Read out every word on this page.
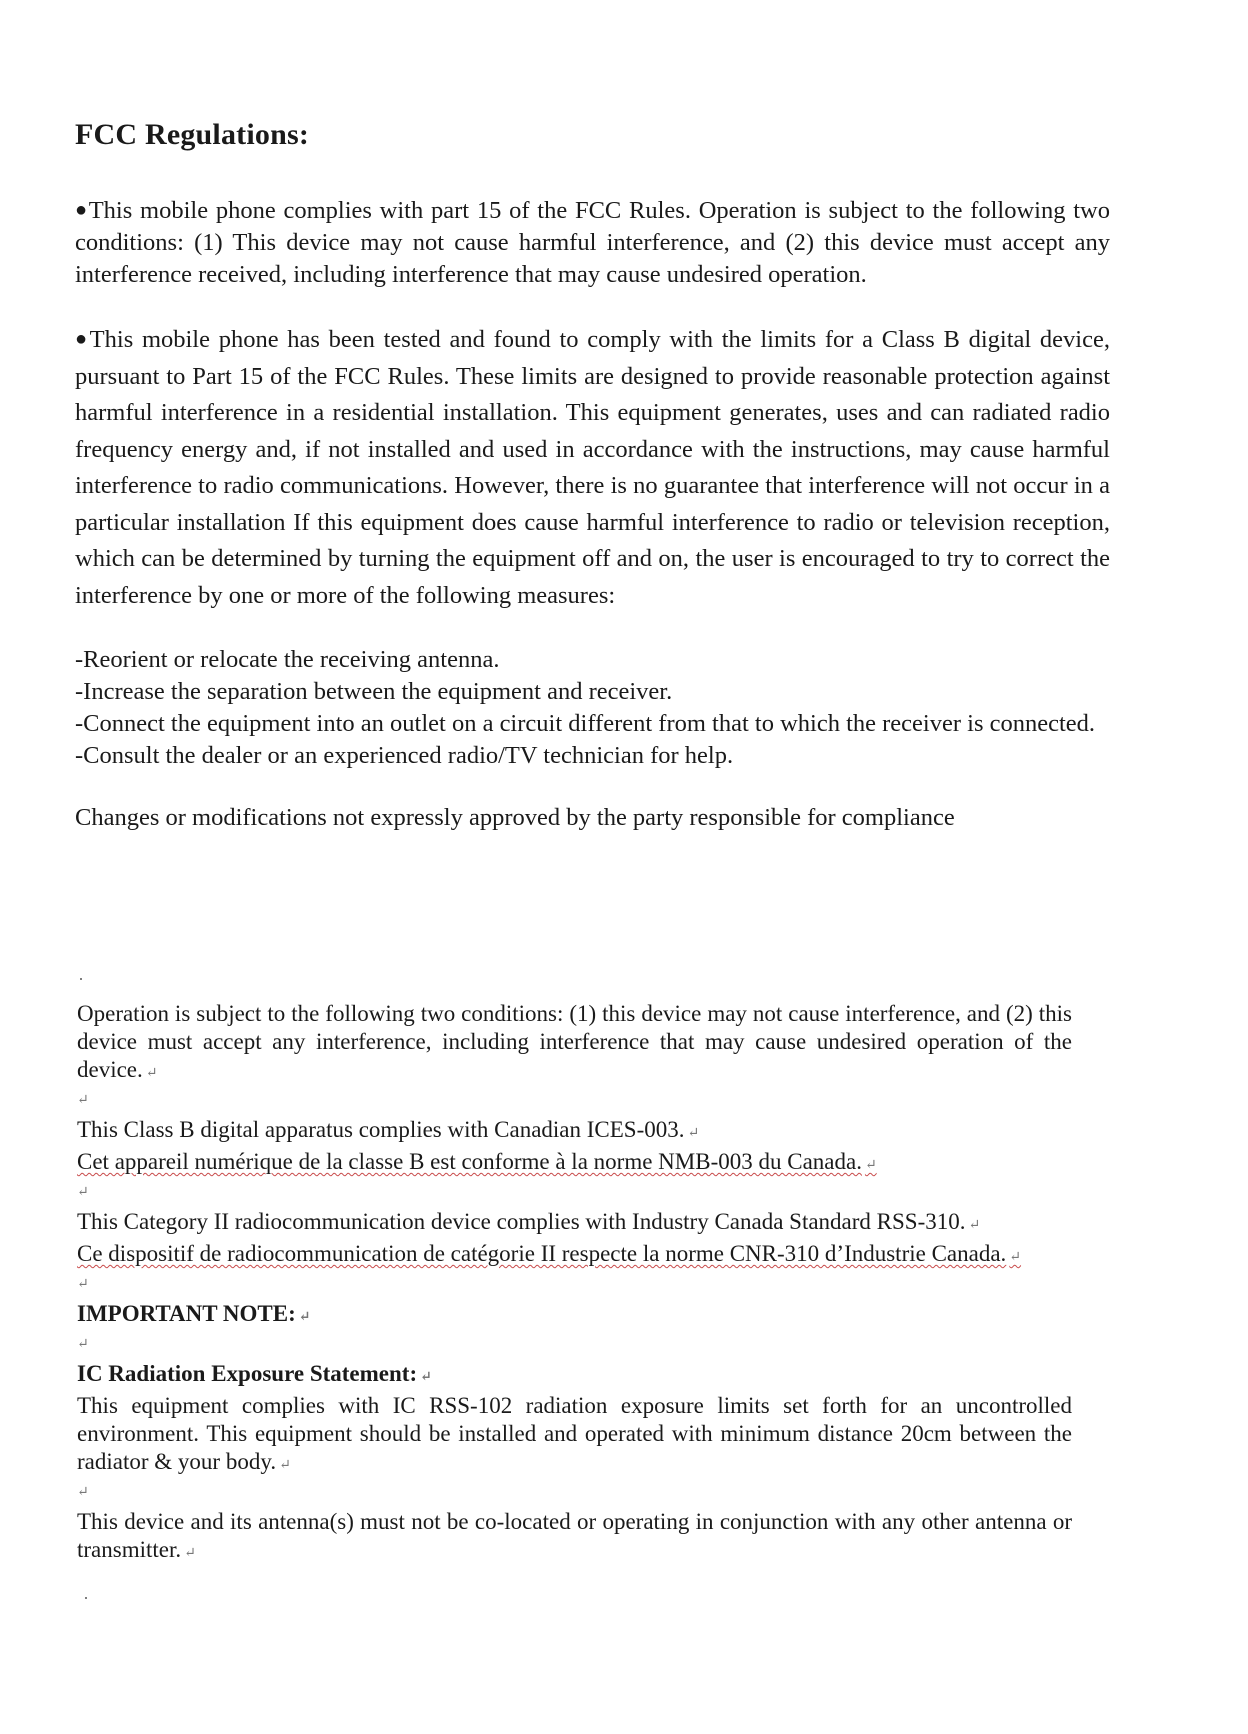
FCC Regulations:

●This mobile phone complies with part 15 of the FCC Rules. Operation is subject to the following two conditions: (1) This device may not cause harmful interference, and (2) this device must accept any interference received, including interference that may cause undesired operation.

●This mobile phone has been tested and found to comply with the limits for a Class B digital device, pursuant to Part 15 of the FCC Rules. These limits are designed to provide reasonable protection against harmful interference in a residential installation. This equipment generates, uses and can radiated radio frequency energy and, if not installed and used in accordance with the instructions, may cause harmful interference to radio communications. However, there is no guarantee that interference will not occur in a particular installation If this equipment does cause harmful interference to radio or television reception, which can be determined by turning the equipment off and on, the user is encouraged to try to correct the interference by one or more of the following measures:

-Reorient or relocate the receiving antenna.

-Increase the separation between the equipment and receiver.

-Connect the equipment into an outlet on a circuit different from that to which the receiver is connected.

-Consult the dealer or an experienced radio/TV technician for help.

Changes or modifications not expressly approved by the party responsible for compliance

Operation is subject to the following two conditions: (1) this device may not cause interference, and (2) this device must accept any interference, including interference that may cause undesired operation of the device. ↵

↵

This Class B digital apparatus complies with Canadian ICES-003. ↵

Cet appareil numérique de la classe B est conforme à la norme NMB-003 du Canada. ↵

↵

This Category II radiocommunication device complies with Industry Canada Standard RSS-310. ↵

Ce dispositif de radiocommunication de catégorie II respecte la norme CNR-310 d’Industrie Canada. ↵

↵

IMPORTANT NOTE: ↵

↵

IC Radiation Exposure Statement: ↵

This equipment complies with IC RSS-102 radiation exposure limits set forth for an uncontrolled environment. This equipment should be installed and operated with minimum distance 20cm between the radiator & your body. ↵

↵

This device and its antenna(s) must not be co-located or operating in conjunction with any other antenna or transmitter. ↵
